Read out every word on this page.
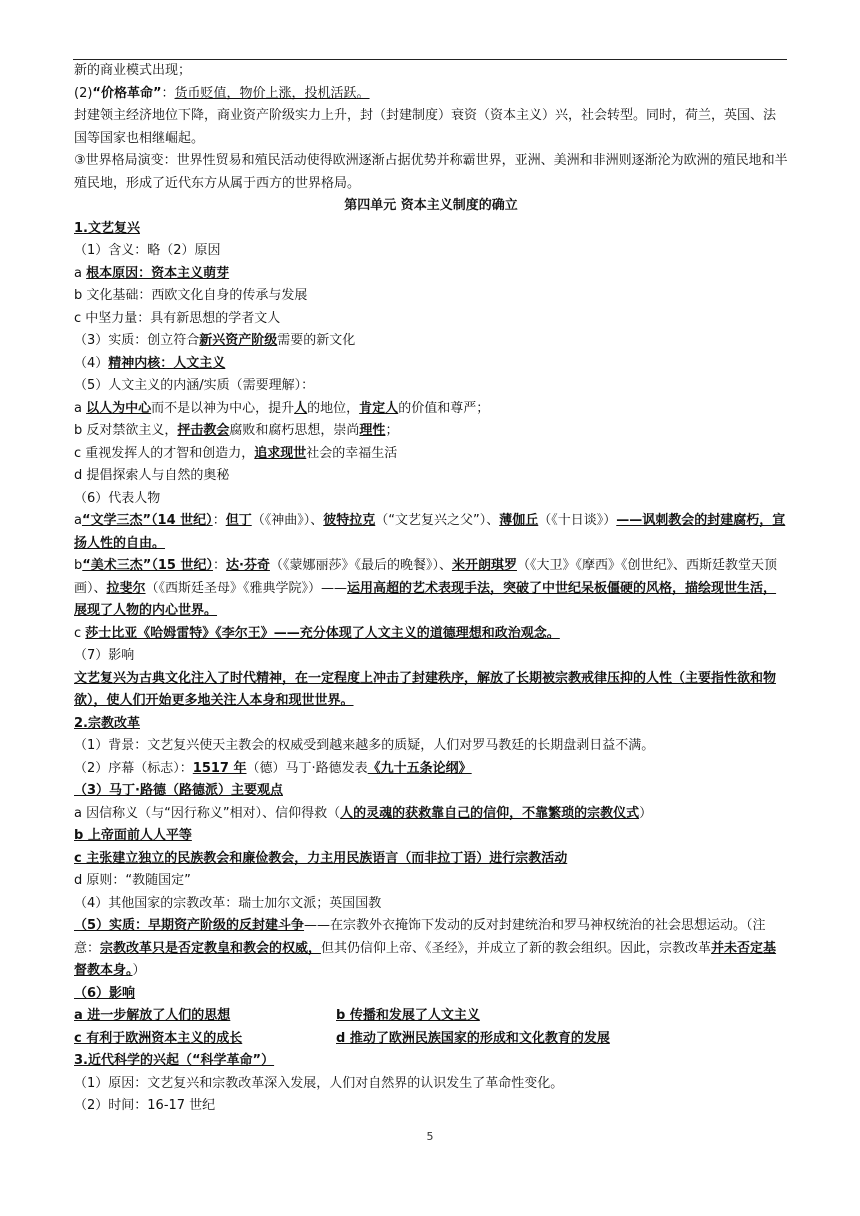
新的商业模式出现；

(2)“价格革命”：货币贬值，物价上涨，投机活跃。

封建领主经济地位下降，商业资产阶级实力上升，封（封建制度）衰资（资本主义）兴，社会转型。同时，荷兰，英国、法国等国家也相继崛起。

③世界格局演变：世界性贸易和殖民活动使得欧洲逐渐占据优势并称霸世界，亚洲、美洲和非洲则逐渐沦为欧洲的殖民地和半殖民地，形成了近代东方从属于西方的世界格局。

第四单元 资本主义制度的确立

1.文艺复兴

（1）含义：略（2）原因

a 根本原因：资本主义萌芽

b 文化基础：西欧文化自身的传承与发展

c 中坚力量：具有新思想的学者文人

（3）实质：创立符合新兴资产阶级需要的新文化

（4）精神内核：人文主义

（5）人文主义的内涵/实质（需要理解）：

a 以人为中心而不是以神为中心，提升人的地位，肯定人的价值和尊严；

b 反对禁欲主义，抨击教会腐败和腐朽思想，崇尚理性；

c 重视发挥人的才智和创造力，追求现世社会的幸福生活

d 提倡探索人与自然的奥秘

（6）代表人物

a“文学三杰”（14 世纪）：但丁（《神曲》）、彼特拉克（“文艺复兴之父”）、薄伽丘（《十日谈》）——讽刺教会的封建腐朽，宣扬人性的自由。

b“美术三杰”（15 世纪）：达·芬奇（《蒙娜丽莎》《最后的晚餐》）、米开朗琪罗（《大卫》《摩西》《创世纪》、西斯廷教堂天顶画）、拉斐尔（《西斯廷圣母》《雅典学院》）——运用高超的艺术表现手法，突破了中世纪呆板僵硬的风格，描绘现世生活，展现了人物的内心世界。

c 莎士比亚《哈姆雷特》《李尔王》——充分体现了人文主义的道德理想和政治观念。

（7）影响

文艺复兴为古典文化注入了时代精神，在一定程度上冲击了封建秩序，解放了长期被宗教戒律压抑的人性（主要指性欲和物欲），使人们开始更多地关注人本身和现世世界。

2.宗教改革

（1）背景：文艺复兴使天主教会的权威受到越来越多的质疑，人们对罗马教廷的长期盘剥日益不满。

（2）序幕（标志）：1517 年（德）马丁·路德发表《九十五条论纲》

（3）马丁·路德（路德派）主要观点

a 因信称义（与“因行称义”相对）、信仰得救（人的灵魂的获救靠自己的信仰，不靠繁琐的宗教仪式）

b 上帝面前人人平等

c 主张建立独立的民族教会和廉俭教会，力主用民族语言（而非拉丁语）进行宗教活动

d 原则：“教随国定”

（4）其他国家的宗教改革：瑞士加尔文派；英国国教

（5）实质：早期资产阶级的反封建斗争——在宗教外衣掩饰下发动的反对封建统治和罗马神权统治的社会思想运动。（注意：宗教改革只是否定教皇和教会的权威，但其仍信仰上帝、《圣经》，并成立了新的教会组织。因此，宗教改革并未否定基督教本身。）

（6）影响

a 进一步解放了人们的思想	b 传播和发展了人文主义

c 有利于欧洲资本主义的成长	d 推动了欧洲民族国家的形成和文化教育的发展

3.近代科学的兴起（“科学革命”）

（1）原因：文艺复兴和宗教改革深入发展，人们对自然界的认识发生了革命性变化。

（2）时间：16-17 世纪

5
